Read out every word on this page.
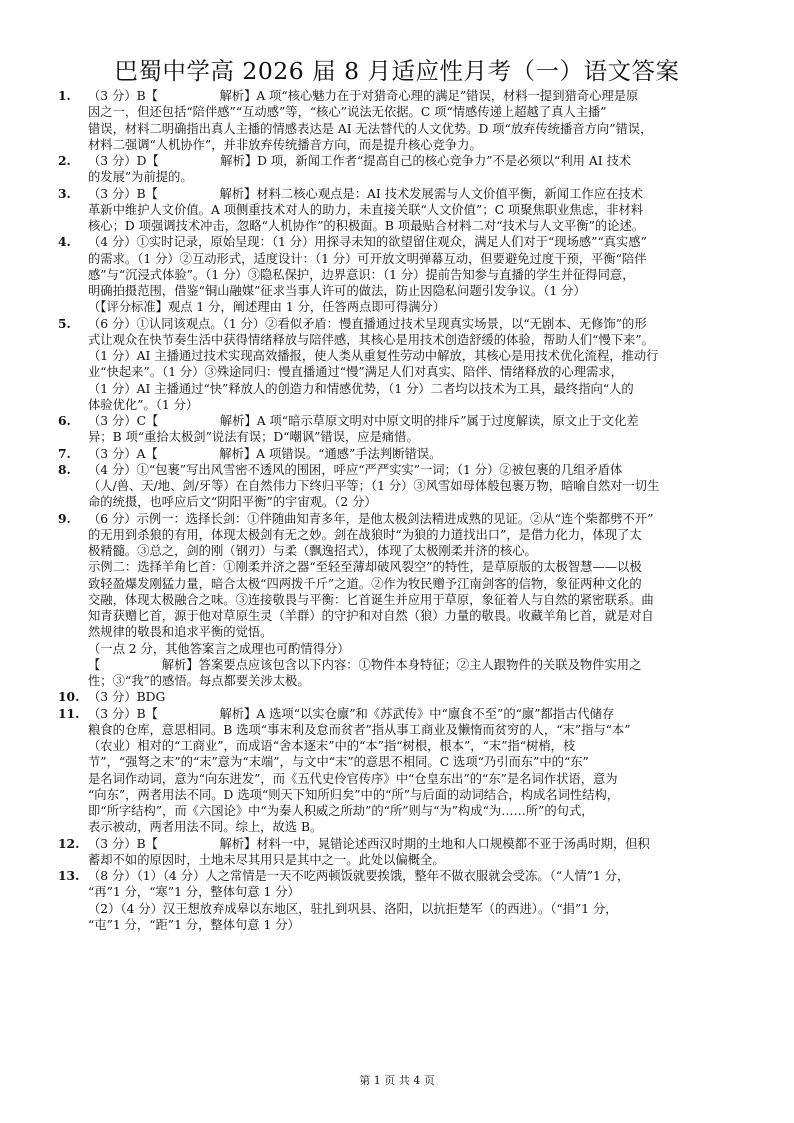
巴蜀中学高 2026 届 8 月适应性月考（一）语文答案
1. （3 分）B【　　　　　解析】A 项“核心魅力在于对猎奇心理的满足”错误，材料一提到猎奇心理是原
因之一，但还包括“陪伴感”“互动感”等，“核心”说法无依据。C 项“情感传递上超越了真人主播”
错误，材料二明确指出真人主播的情感表达是 AI 无法替代的人文优势。D 项“放弃传统播音方向”错误，
材料二强调“人机协作”，并非放弃传统播音方向，而是提升核心竞争力。
2. （3 分）D【　　　　　解析】D 项，新闻工作者“提高自己的核心竞争力”不是必须以“利用 AI 技术
的发展”为前提的。
3. （3 分）B【　　　　　解析】材料二核心观点是：AI 技术发展需与人文价值平衡，新闻工作应在技术
革新中维护人文价值。A 项侧重技术对人的助力，未直接关联“人文价值”；C 项聚焦职业焦虑，非材料
核心；D 项强调技术冲击，忽略“人机协作”的积极面。B 项最贴合材料二对“技术与人文平衡”的论述。
4. （4 分）①实时记录，原始呈现：（1 分）用探寻未知的欲望留住观众，满足人们对于“现场感”“真实感”
的需求。（1 分）②互动形式，适度设计：（1 分）可开放文明弹幕互动，但要避免过度干预，平衡“陪伴
感”与“沉浸式体验”。（1 分）③隐私保护，边界意识：（1 分）提前告知参与直播的学生并征得同意，
明确拍摄范围，借鉴“铜山融媒”征求当事人许可的做法，防止因隐私问题引发争议。（1 分）
（【评分标准】观点 1 分，阐述理由 1 分，任答两点即可得满分）
5. （6 分）①认同该观点。（1 分）②看似矛盾：慢直播通过技术呈现真实场景，以“无剧本、无修饰”的形
式让观众在快节奏生活中获得情绪释放与陪伴感，其核心是用技术创造舒缓的体验，帮助人们“慢下来”。
（1 分）AI 主播通过技术实现高效播报，使人类从重复性劳动中解放，其核心是用技术优化流程，推动行
业“快起来”。（1 分）③殊途同归：慢直播通过“慢”满足人们对真实、陪伴、情绪释放的心理需求，
（1 分）AI 主播通过“快”释放人的创造力和情感优势，（1 分）二者均以技术为工具，最终指向“人的
体验优化”。（1 分）
6. （3 分）C【　　　　　解析】A 项“暗示草原文明对中原文明的排斥”属于过度解读，原文止于文化差
异；B 项“重拾太极剑”说法有误；D“嘲讽”错误，应是痛惜。
7. （3 分）A【　　　　　解析】A 项错误。“通感”手法判断错误。
8. （4 分）①“包裹”写出风雪密不透风的围困，呼应“严严实实”一词；（1 分）②被包裹的几组矛盾体
（人/兽、天/地、剑/牙等）在自然伟力下终归平等；（1 分）③风雪如母体般包裹万物，暗喻自然对一切生
命的统摄，也呼应后文“阴阳平衡”的宇宙观。（2 分）
9. （6 分）示例一：选择长剑：①伴随曲知青多年，是他太极剑法精进成熟的见证。②从“连个柴都劈不开”
的无用到杀狼的有用，体现太极剑有无之妙。剑在战狼时“为狼的力道找出口”，是借力化力，体现了太
极精髓。③总之，剑的刚（钢刃）与柔（飘逸招式），体现了太极刚柔并济的核心。
示例二：选择羊角匕首：①刚柔并济之器“至轻至薄却破风裂空”的特性，是草原版的太极智慧——以极
致轻盈爆发刚猛力量，暗合太极“四两拨千斤”之道。②作为牧民赠予江南剑客的信物，象征两种文化的
交融，体现太极融合之味。③连接敬畏与平衡：匕首诞生并应用于草原，象征着人与自然的紧密联系。曲
知青获赠匕首，源于他对草原生灵（羊群）的守护和对自然（狼）力量的敬畏。收藏羊角匕首，就是对自
然规律的敬畏和追求平衡的觉悟。
（一点 2 分，其他答案言之成理也可酌情得分）
【　　　　　解析】答案要点应该包含以下内容：①物件本身特征；②主人跟物件的关联及物件实用之
性；③“我”的感悟。每点都要关涉太极。
10. （3 分）BDG
11. （3 分）B【　　　　　解析】A 选项“以实仓廪”和《苏武传》中“廪食不至”的“廪”都指古代储存
粮食的仓库，意思相同。B 选项“事末利及怠而贫者”指从事工商业及懒惰而贫穷的人，“末”指与“本”
（农业）相对的“工商业”，而成语“舍本逐末”中的“本”指“树根，根本”，“末”指“树梢，枝
节”，“强弩之末”的“末”意为“末端”，与文中“末”的意思不相同。C 选项“乃引而东”中的“东”
是名词作动词，意为“向东进发”，而《五代史伶官传序》中“仓皇东出”的“东”是名词作状语，意为
“向东”，两者用法不同。D 选项“则天下知所归矣”中的“所”与后面的动词结合，构成名词性结构，
即“所字结构”，而《六国论》中“为秦人积威之所劫”的“所”则与“为”构成“为……所”的句式，
表示被动，两者用法不同。综上，故选 B。
12. （3 分）B【　　　　　解析】材料一中，晁错论述西汉时期的土地和人口规模都不亚于汤禹时期，但积
蓄却不如的原因时，土地未尽其用只是其中之一。此处以偏概全。
13. （8 分）（1）（4 分）人之常情是一天不吃两顿饭就要挨饿，整年不做衣服就会受冻。（“人情”1 分，
“再”1 分，“寒”1 分，整体句意 1 分）
（2）（4 分）汉王想放弃成皋以东地区，驻扎到巩县、洛阳，以抗拒楚军（的西进）。（“捐”1 分，
“屯”1 分，“距”1 分，整体句意 1 分）
第 1 页 共 4 页
